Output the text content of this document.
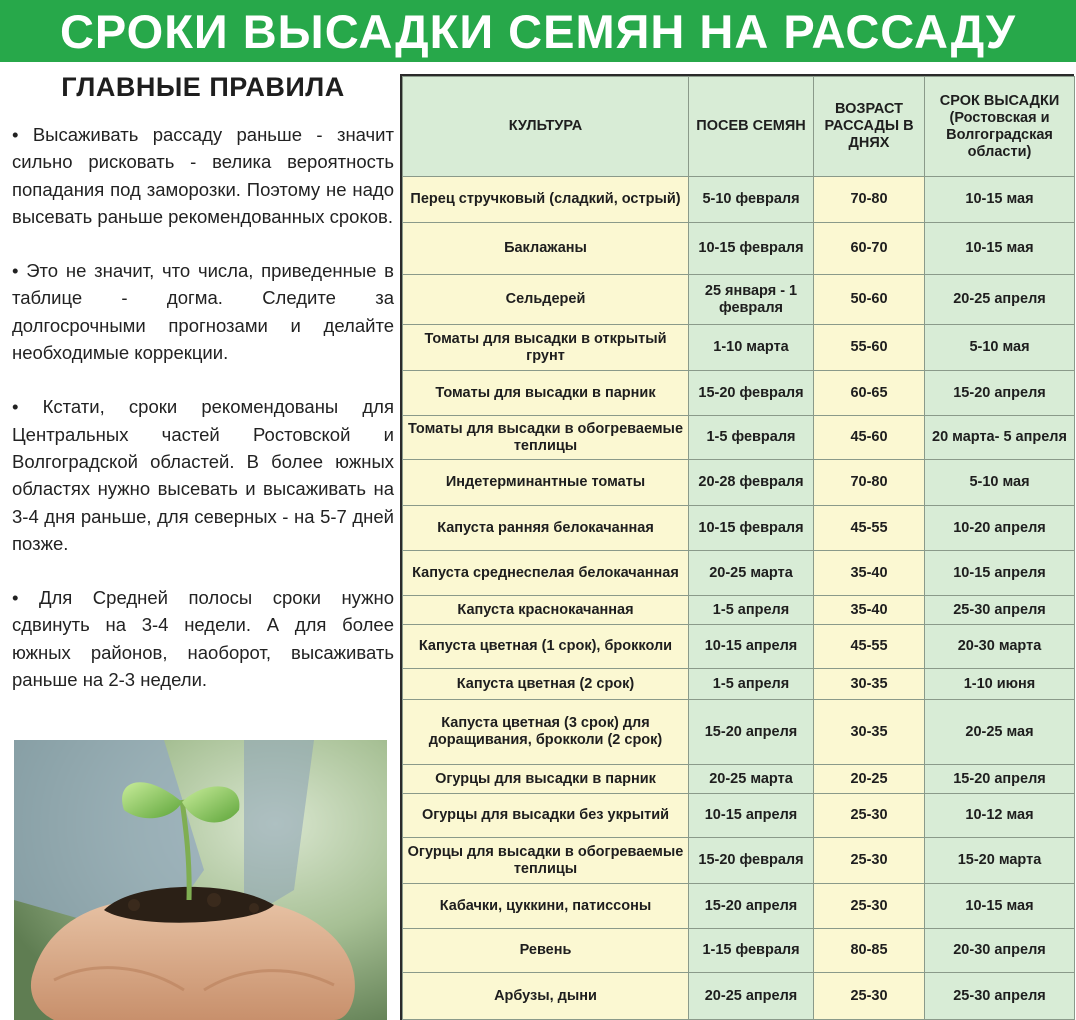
СРОКИ ВЫСАДКИ СЕМЯН НА РАССАДУ
ГЛАВНЫЕ ПРАВИЛА

• Высаживать рассаду раньше - значит сильно рисковать - велика вероятность попадания под заморозки. Поэтому не надо высевать раньше рекомендованных сроков.

• Это не значит, что числа, приведенные в таблице - догма. Следите за долгосрочными прогнозами и делайте необходимые коррекции.

• Кстати, сроки рекомендованы для Центральных частей Ростовской и Волгоградской областей. В более южных областях нужно высевать и высаживать на 3-4 дня раньше, для северных - на 5-7 дней позже.

• Для Средней полосы сроки нужно сдвинуть на 3-4 недели. А для более южных районов, наоборот, высаживать раньше на 2-3 недели.

КУЛЬТУРА	ПОСЕВ СЕМЯН	ВОЗРАСТ РАССАДЫ В ДНЯХ	СРОК ВЫСАДКИ (Ростовская и Волгоградская области)
Перец стручковый (сладкий, острый)	5-10 февраля	70-80	10-15 мая
Баклажаны	10-15 февраля	60-70	10-15 мая
Сельдерей	25 января - 1 февраля	50-60	20-25 апреля
Томаты для высадки в открытый грунт	1-10 марта	55-60	5-10 мая
Томаты для высадки в парник	15-20 февраля	60-65	15-20 апреля
Томаты для высадки в обогреваемые теплицы	1-5 февраля	45-60	20 марта- 5 апреля
Индетерминантные томаты	20-28 февраля	70-80	5-10 мая
Капуста ранняя белокачанная	10-15 февраля	45-55	10-20 апреля
Капуста среднеспелая белокачанная	20-25 марта	35-40	10-15 апреля
Капуста краснокачанная	1-5 апреля	35-40	25-30 апреля
Капуста цветная (1 срок), брокколи	10-15 апреля	45-55	20-30 марта
Капуста цветная (2 срок)	1-5 апреля	30-35	1-10 июня
Капуста цветная (3 срок) для доращивания, брокколи (2 срок)	15-20 апреля	30-35	20-25 мая
Огурцы для высадки в парник	20-25 марта	20-25	15-20 апреля
Огурцы для высадки без укрытий	10-15 апреля	25-30	10-12 мая
Огурцы для высадки в обогреваемые теплицы	15-20 февраля	25-30	15-20 марта
Кабачки, цуккини, патиссоны	15-20 апреля	25-30	10-15 мая
Ревень	1-15 февраля	80-85	20-30 апреля
Арбузы, дыни	20-25 апреля	25-30	25-30 апреля
